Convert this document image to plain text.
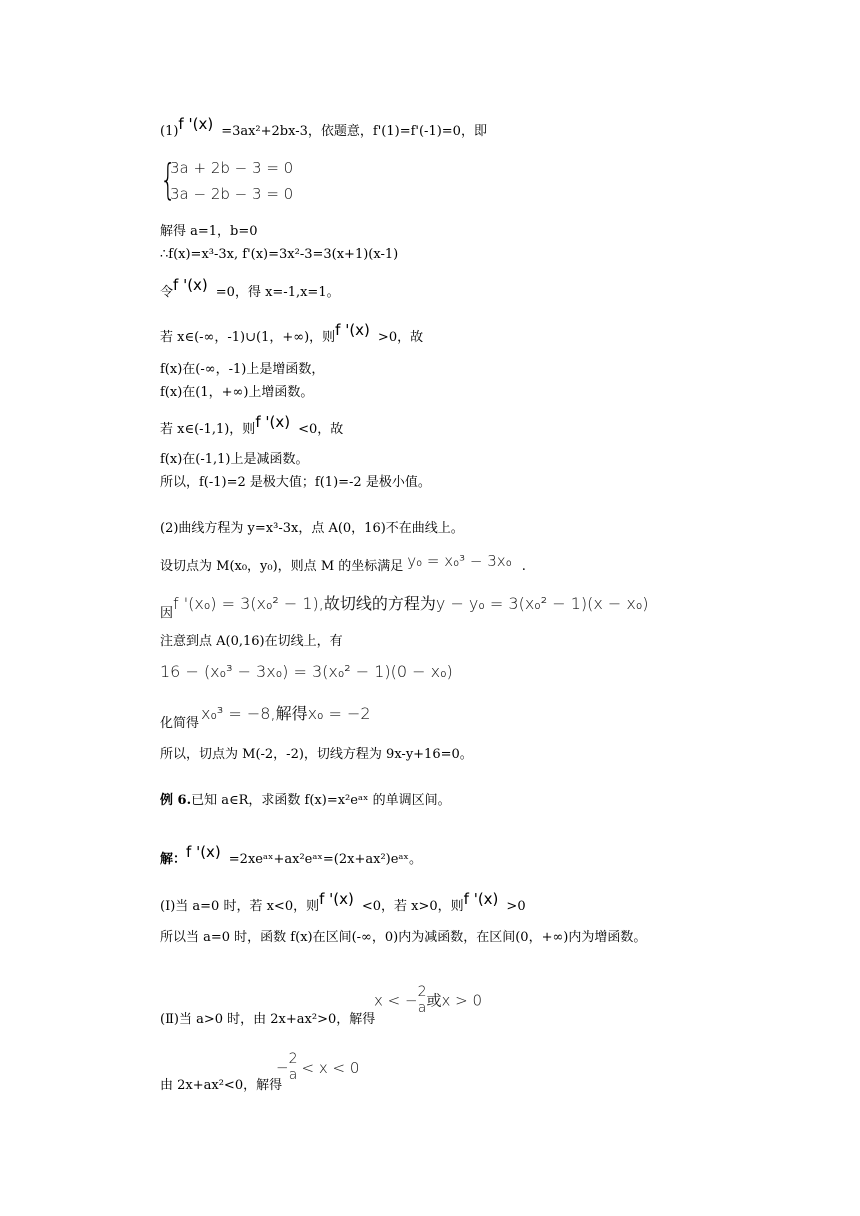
(1)f '(x) =3ax²+2bx-3，依题意，f'(1)=f'(-1)=0，即
{
3a + 2b − 3 = 0
3a − 2b − 3 = 0
解得 a=1，b=0
∴f(x)=x³-3x, f'(x)=3x²-3=3(x+1)(x-1)
令f '(x) =0，得 x=-1,x=1。
若 x∈(-∞，-1)∪(1，+∞)，则f '(x) >0，故
f(x)在(-∞，-1)上是增函数，
f(x)在(1，+∞)上增函数。
若 x∈(-1,1)，则f '(x) <0，故
f(x)在(-1,1)上是减函数。
所以，f(-1)=2 是极大值；f(1)=-2 是极小值。
(2)曲线方程为 y=x³-3x，点 A(0，16)不在曲线上。
设切点为 M(x₀，y₀)，则点 M 的坐标满足 y₀ = x₀³ − 3x₀ .
因f '(x₀) = 3(x₀² − 1),故切线的方程为y − y₀ = 3(x₀² − 1)(x − x₀)
注意到点 A(0,16)在切线上，有
16 − (x₀³ − 3x₀) = 3(x₀² − 1)(0 − x₀)
化简得x₀³ = −8,解得x₀ = −2
所以，切点为 M(-2，-2)，切线方程为 9x-y+16=0。
例 6.已知 a∈R，求函数 f(x)=x²eᵃˣ 的单调区间。
解：f '(x) =2xeᵃˣ+ax²eᵃˣ=(2x+ax²)eᵃˣ。
(Ⅰ)当 a=0 时，若 x<0，则f '(x) <0，若 x>0，则f '(x) >0
所以当 a=0 时，函数 f(x)在区间(-∞，0)内为减函数，在区间(0，+∞)内为增函数。
(Ⅱ)当 a>0 时，由 2x+ax²>0，解得
x < − 2
a 或x > 0
由 2x+ax²<0，解得
− 2
a < x < 0
